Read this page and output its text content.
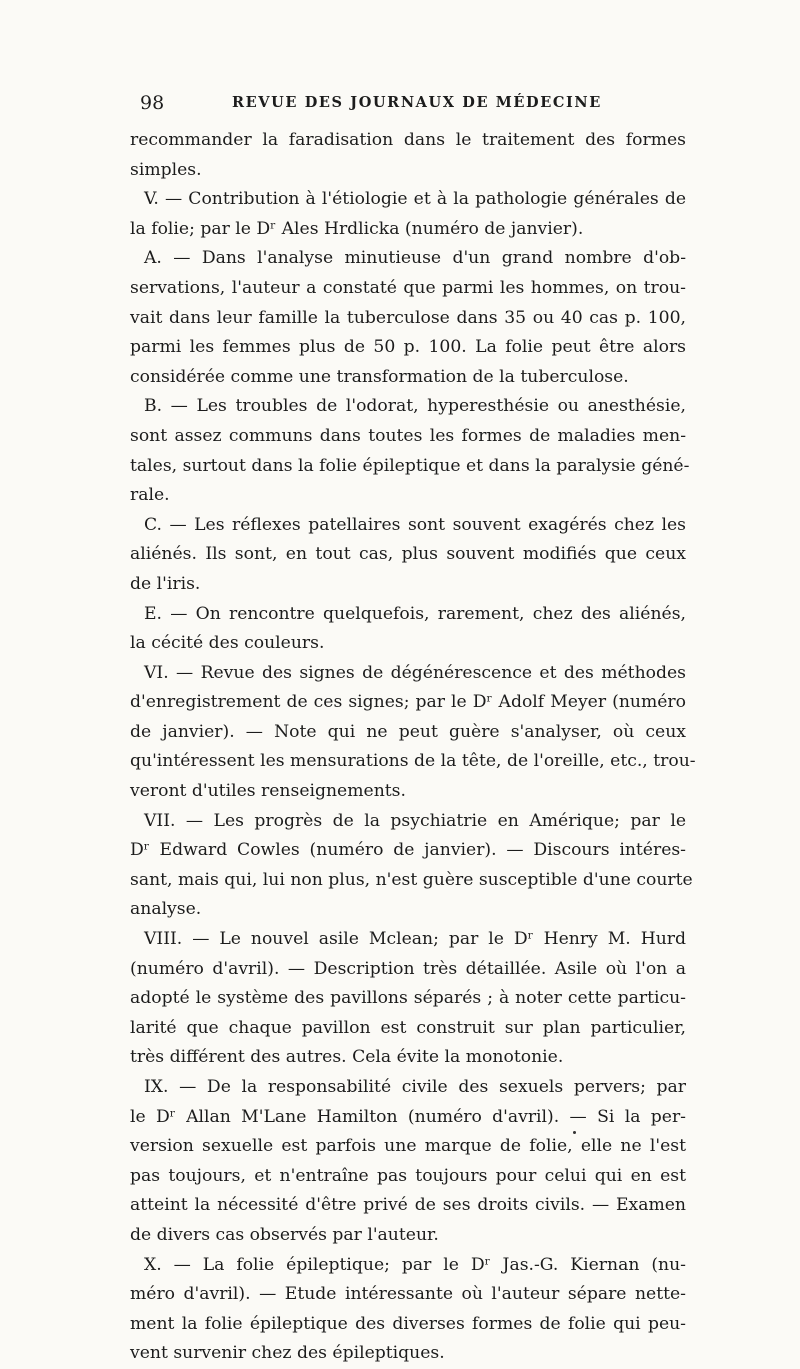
98	REVUE DES JOURNAUX DE MÉDECINE
recommander la faradisation dans le traitement des formes
simples.
V. — Contribution à l'étiologie et à la pathologie générales de
la folie; par le Dʳ Ales Hrdlicka (numéro de janvier).
A. — Dans l'analyse minutieuse d'un grand nombre d'ob-
servations, l'auteur a constaté que parmi les hommes, on trou-
vait dans leur famille la tuberculose dans 35 ou 40 cas p. 100,
parmi les femmes plus de 50 p. 100. La folie peut être alors
considérée comme une transformation de la tuberculose.
B. — Les troubles de l'odorat, hyperesthésie ou anesthésie,
sont assez communs dans toutes les formes de maladies men-
tales, surtout dans la folie épileptique et dans la paralysie géné-
rale.
C. — Les réflexes patellaires sont souvent exagérés chez les
aliénés. Ils sont, en tout cas, plus souvent modifiés que ceux
de l'iris.
E. — On rencontre quelquefois, rarement, chez des aliénés,
la cécité des couleurs.
VI. — Revue des signes de dégénérescence et des méthodes
d'enregistrement de ces signes; par le Dʳ Adolf Meyer (numéro
de janvier). — Note qui ne peut guère s'analyser, où ceux
qu'intéressent les mensurations de la tête, de l'oreille, etc., trou-
veront d'utiles renseignements.
VII. — Les progrès de la psychiatrie en Amérique; par le
Dʳ Edward Cowles (numéro de janvier). — Discours intéres-
sant, mais qui, lui non plus, n'est guère susceptible d'une courte
analyse.
VIII. — Le nouvel asile Mclean; par le Dʳ Henry M. Hurd
(numéro d'avril). — Description très détaillée. Asile où l'on a
adopté le système des pavillons séparés ; à noter cette particu-
larité que chaque pavillon est construit sur plan particulier,
très différent des autres. Cela évite la monotonie.
IX. — De la responsabilité civile des sexuels pervers; par
le Dʳ Allan M'Lane Hamilton (numéro d'avril). — Si la per-
version sexuelle est parfois une marque de folie, elle ne l'est
pas toujours, et n'entraîne pas toujours pour celui qui en est
atteint la nécessité d'être privé de ses droits civils. — Examen
de divers cas observés par l'auteur.
X. — La folie épileptique; par le Dʳ Jas.-G. Kiernan (nu-
méro d'avril). — Etude intéressante où l'auteur sépare nette-
ment la folie épileptique des diverses formes de folie qui peu-
vent survenir chez des épileptiques.
